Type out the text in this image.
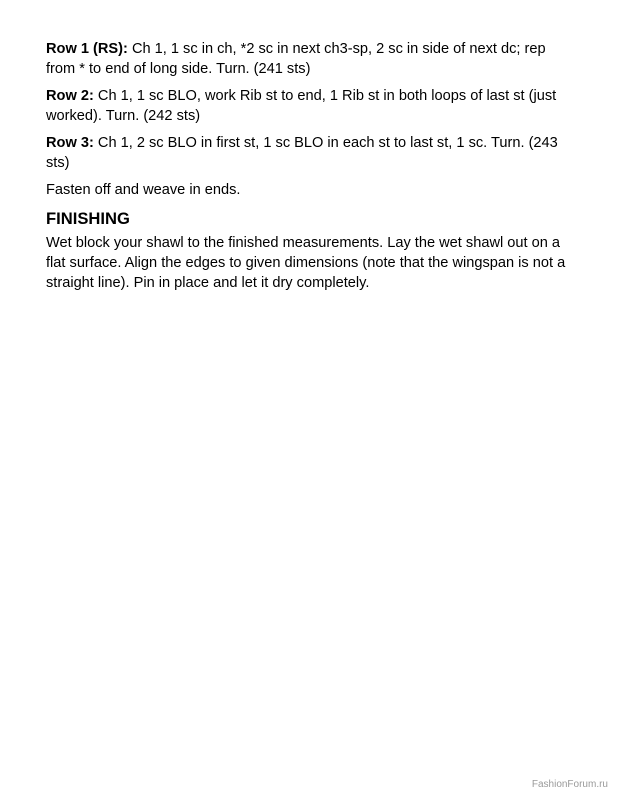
Row 1 (RS): Ch 1, 1 sc in ch, *2 sc in next ch3-sp, 2 sc in side of next dc; rep from * to end of long side. Turn. (241 sts)

Row 2: Ch 1, 1 sc BLO, work Rib st to end, 1 Rib st in both loops of last st (just worked). Turn. (242 sts)

Row 3: Ch 1, 2 sc BLO in first st, 1 sc BLO in each st to last st, 1 sc. Turn. (243 sts)

Fasten off and weave in ends.

FINISHING

Wet block your shawl to the finished measurements. Lay the wet shawl out on a flat surface. Align the edges to given dimensions (note that the wingspan is not a straight line). Pin in place and let it dry completely.

FashionForum.ru
